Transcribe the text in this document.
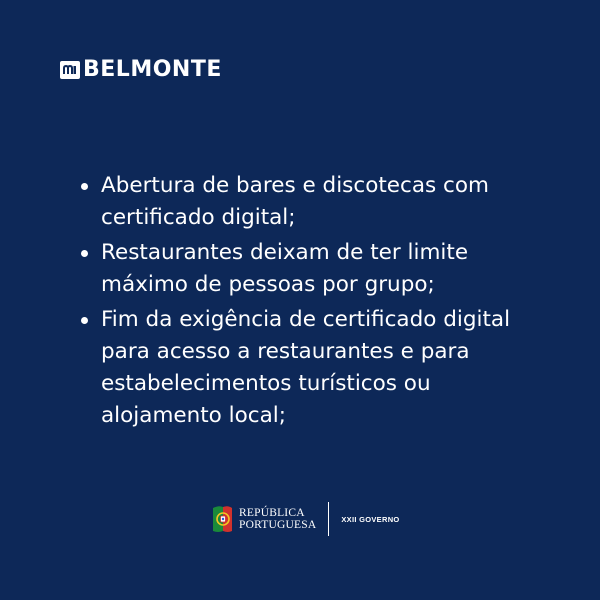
BELMONTE
Abertura de bares e discotecas com certificado digital;
Restaurantes deixam de ter limite máximo de pessoas por grupo;
Fim da exigência de certificado digital para acesso a restaurantes e para estabelecimentos turísticos ou alojamento local;
REPÚBLICA
PORTUGUESA	XXII GOVERNO
